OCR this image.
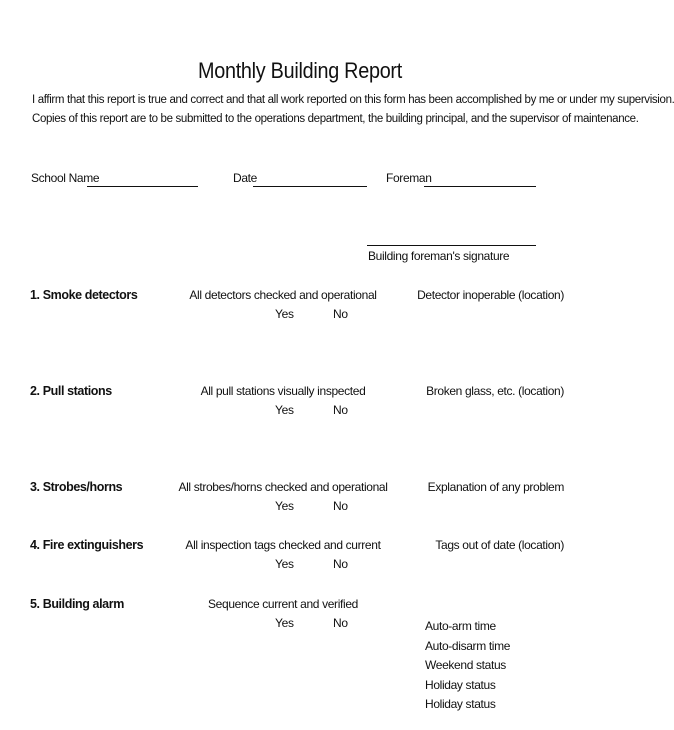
Monthly Building Report
I affirm that this report is true and correct and that all work reported on this form has been accomplished by me or under my supervision.
Copies of this report are to be submitted to the operations department, the building principal, and the supervisor of maintenance.
School Name	Date	Foreman
Building foreman's signature
1. Smoke detectors	All detectors checked and operational
Yes	No
Detector inoperable (location)
2. Pull stations	All pull stations visually inspected
Yes	No
Broken glass, etc. (location)
3. Strobes/horns	All strobes/horns checked and operational
Yes	No
Explanation of any problem
4. Fire extinguishers	All inspection tags checked and current
Yes	No
Tags out of date (location)
5. Building alarm	Sequence current and verified
Yes	No	Auto-arm time
Auto-disarm time
Weekend status
Holiday status
Holiday status
